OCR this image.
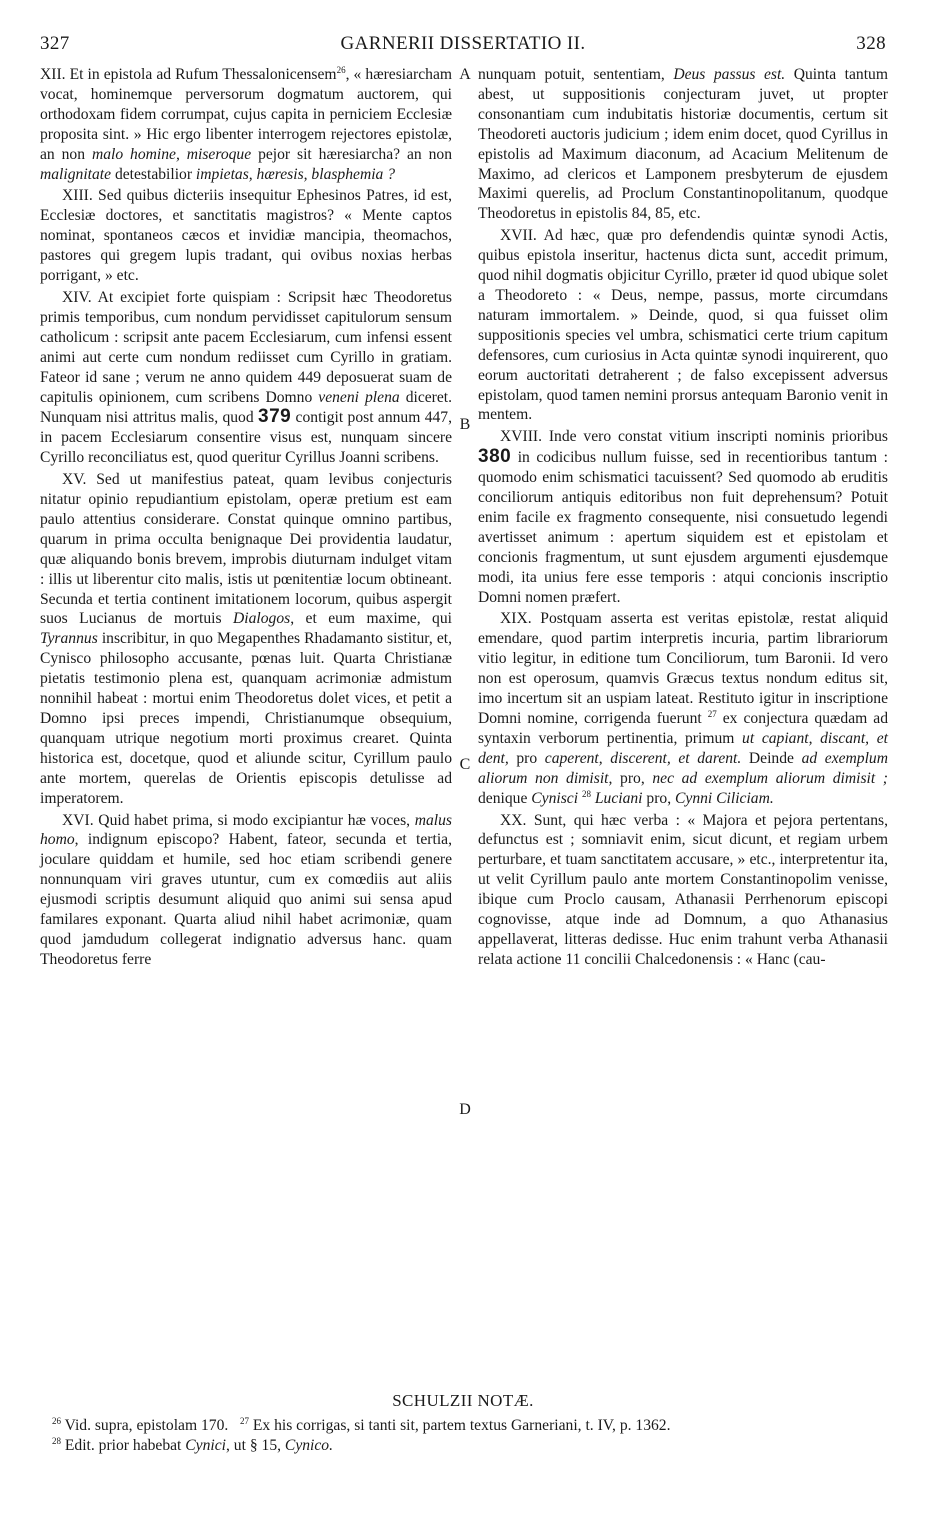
327	GARNERII DISSERTATIO II.	328

XII. Et in epistola ad Rufum Thessalonicensem$^{26}$, « hæresiarcham vocat, hominemque perversorum dogmatum auctorem, qui orthodoxam fidem corrumpat, cujus capita in perniciem Ecclesiæ proposita sint. » Hic ergo libenter interrogem rejectores epistolæ, an non malo homine, miseroque pejor sit hæresiarcha? an non malignitate detestabilior impietas, hæresis, blasphemia ?

XIII. Sed quibus dicteriis insequitur Ephesinos Patres, id est, Ecclesiæ doctores, et sanctitatis magistros? « Mente captos nominat, spontaneos cæcos et invidiæ mancipia, theomachos, pastores qui gregem lupis tradant, qui ovibus noxias herbas porrigant, » etc.

XIV. At excipiet forte quispiam : Scripsit hæc Theodoretus primis temporibus, cum nondum pervidisset capitulorum sensum catholicum : scripsit ante pacem Ecclesiarum, cum infensi essent animi aut certe cum nondum rediisset cum Cyrillo in gratiam. Fateor id sane ; verum ne anno quidem 449 deposuerat suam de capitulis opinionem, cum scribens Domno veneni plena diceret. Nunquam nisi attritus malis, quod 379 contigit post annum 447, in pacem Ecclesiarum consentire visus est, nunquam sincere Cyrillo reconciliatus est, quod queritur Cyrillus Joanni scribens.

XV. Sed ut manifestius pateat, quam levibus conjecturis nitatur opinio repudiantium epistolam, operæ pretium est eam paulo attentius considerare. Constat quinque omnino partibus, quarum in prima occulta benignaque Dei providentia laudatur, quæ aliquando bonis brevem, improbis diuturnam indulget vitam : illis ut liberentur cito malis, istis ut pœnitentiæ locum obtineant. Secunda et tertia continent imitationem locorum, quibus aspergit suos Lucianus de mortuis Dialogos, et eum maxime, qui Tyrannus inscribitur, in quo Megapenthes Rhadamanto sistitur, et, Cynisco philosopho accusante, pœnas luit. Quarta Christianæ pietatis testimonio plena est, quanquam acrimoniæ admistum nonnihil habeat : mortui enim Theodoretus dolet vices, et petit a Domno ipsi preces impendi, Christianumque obsequium, quanquam utrique negotium morti proximus crearet. Quinta historica est, docetque, quod et aliunde scitur, Cyrillum paulo ante mortem, querelas de Orientis episcopis detulisse ad imperatorem.

XVI. Quid habet prima, si modo excipiantur hæ voces, malus homo, indignum episcopo? Habent, fateor, secunda et tertia, joculare quiddam et humile, sed hoc etiam scribendi genere nonnunquam viri graves utuntur, cum ex comœdiis aut aliis ejusmodi scriptis desumunt aliquid quo animi sui sensa apud familares exponant. Quarta aliud nihil habet acrimoniæ, quam quod jamdudum collegerat indignatio adversus hanc. quam Theodoretus ferre

A
B
C
D

nunquam potuit, sententiam, Deus passus est. Quinta tantum abest, ut suppositionis conjecturam juvet, ut propter consonantiam cum indubitatis historiæ documentis, certum sit Theodoreti auctoris judicium ; idem enim docet, quod Cyrillus in epistolis ad Maximum diaconum, ad Acacium Melitenum de Maximo, ad clericos et Lamponem presbyterum de ejusdem Maximi querelis, ad Proclum Constantinopolitanum, quodque Theodoretus in epistolis 84, 85, etc.

XVII. Ad hæc, quæ pro defendendis quintæ synodi Actis, quibus epistola inseritur, hactenus dicta sunt, accedit primum, quod nihil dogmatis objicitur Cyrillo, præter id quod ubique solet a Theodoreto : « Deus, nempe, passus, morte circumdans naturam immortalem. » Deinde, quod, si qua fuisset olim suppositionis species vel umbra, schismatici certe trium capitum defensores, cum curiosius in Acta quintæ synodi inquirerent, quo eorum auctoritati detraherent ; de falso excepissent adversus epistolam, quod tamen nemini prorsus antequam Baronio venit in mentem.

XVIII. Inde vero constat vitium inscripti nominis prioribus 380 in codicibus nullum fuisse, sed in recentioribus tantum : quomodo enim schismatici tacuissent? Sed quomodo ab eruditis conciliorum antiquis editoribus non fuit deprehensum? Potuit enim facile ex fragmento consequente, nisi consuetudo legendi avertisset animum : apertum siquidem est et epistolam et concionis fragmentum, ut sunt ejusdem argumenti ejusdemque modi, ita unius fere esse temporis : atqui concionis inscriptio Domni nomen præfert.

XIX. Postquam asserta est veritas epistolæ, restat aliquid emendare, quod partim interpretis incuria, partim librariorum vitio legitur, in editione tum Conciliorum, tum Baronii. Id vero non est operosum, quamvis Græcus textus nondum editus sit, imo incertum sit an uspiam lateat. Restituto igitur in inscriptione Domni nomine, corrigenda fuerunt $^{27}$ ex conjectura quædam ad syntaxin verborum pertinentia, primum ut capiant, discant, et dent, pro caperent, discerent, et darent. Deinde ad exemplum aliorum non dimisit, pro, nec ad exemplum aliorum dimisit ; denique Cynisci $^{28}$ Luciani pro, Cynni Ciliciam.

XX. Sunt, qui hæc verba : « Majora et pejora pertentans, defunctus est ; somniavit enim, sicut dicunt, et regiam urbem perturbare, et tuam sanctitatem accusare, » etc., interpretentur ita, ut velit Cyrillum paulo ante mortem Constantinopolim venisse, ibique cum Proclo causam, Athanasii Perrhenorum episcopi cognovisse, atque inde ad Domnum, a quo Athanasius appellaverat, litteras dedisse. Huc enim trahunt verba Athanasii relata actione 11 concilii Chalcedonensis : « Hanc (cau-

SCHULZII NOTÆ.
$^{26}$ Vid. supra, epistolam 170. $^{27}$ Ex his corrigas, si tanti sit, partem textus Garneriani, t. IV, p. 1362.
$^{28}$ Edit. prior habebat Cynici, ut § 15, Cynico.
